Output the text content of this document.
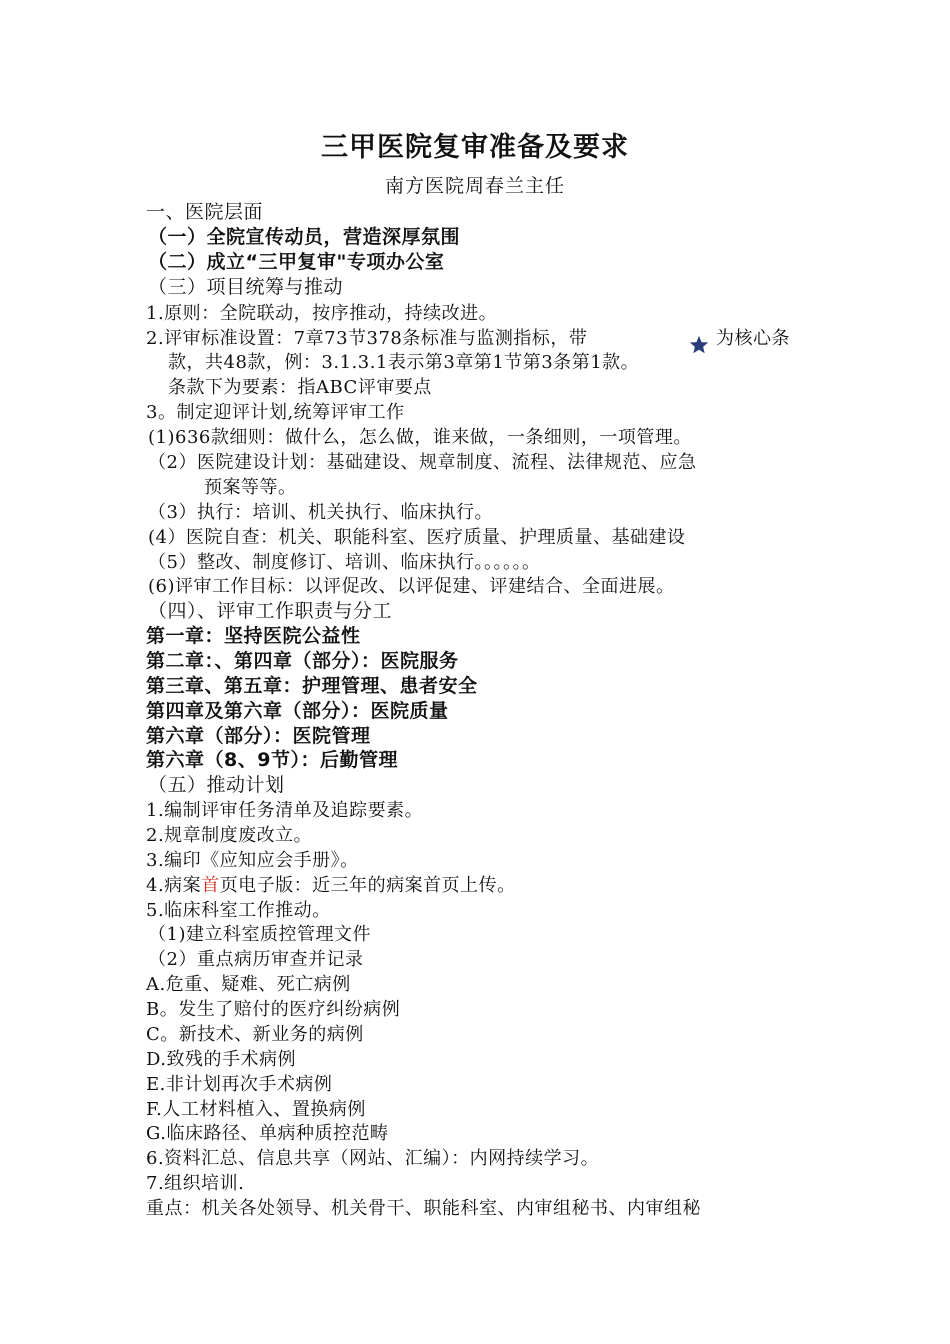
三甲医院复审准备及要求
南方医院周春兰主任
一、医院层面
（一）全院宣传动员，营造深厚氛围
（二）成立“三甲复审"专项办公室
（三）项目统筹与推动
1.原则：全院联动，按序推动，持续改进。
2.评审标准设置：7章73节378条标准与监测指标，带	为核心条
款，共48款，例：3.1.3.1表示第3章第1节第3条第1款。
条款下为要素：指ABC评审要点
3。制定迎评计划,统筹评审工作
(1)636款细则：做什么，怎么做，谁来做，一条细则，一项管理。
（2）医院建设计划：基础建设、规章制度、流程、法律规范、应急
预案等等。
（3）执行：培训、机关执行、临床执行。
(4）医院自查：机关、职能科室、医疗质量、护理质量、基础建设
（5）整改、制度修订、培训、临床执行。。。。。。
(6)评审工作目标：以评促改、以评促建、评建结合、全面进展。
（四）、评审工作职责与分工
第一章：坚持医院公益性
第二章：、第四章（部分）：医院服务
第三章、第五章：护理管理、患者安全
第四章及第六章（部分）：医院质量
第六章（部分）：医院管理
第六章（8、9节）：后勤管理
（五）推动计划
1.编制评审任务清单及追踪要素。
2.规章制度废改立。
3.编印《应知应会手册》。
4.病案首页电子版：近三年的病案首页上传。
5.临床科室工作推动。
（1)建立科室质控管理文件
（2）重点病历审查并记录
A.危重、疑难、死亡病例
B。发生了赔付的医疗纠纷病例
C。新技术、新业务的病例
D.致残的手术病例
E.非计划再次手术病例
F.人工材料植入、置换病例
G.临床路径、单病种质控范畴
6.资料汇总、信息共享（网站、汇编）：内网持续学习。
7.组织培训.
重点：机关各处领导、机关骨干、职能科室、内审组秘书、内审组秘
